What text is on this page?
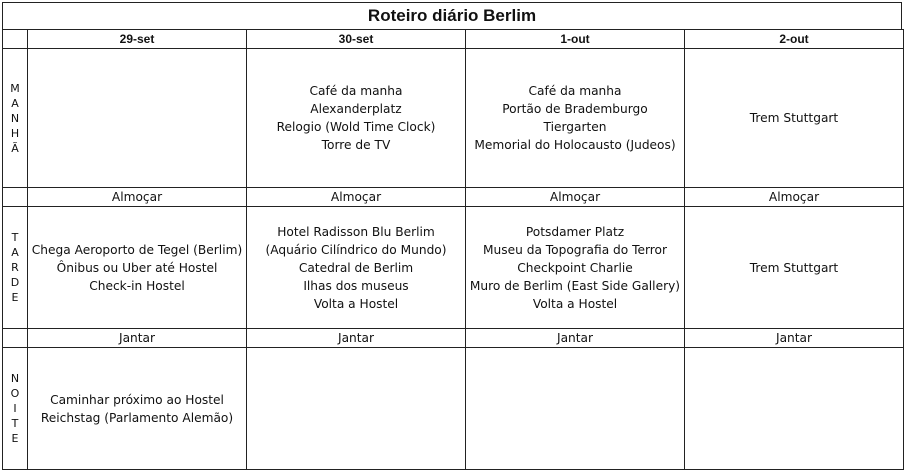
Roteiro diário Berlim
	29-set	30-set	1-out	2-out

M
A
N
H
Ã		Café da manha
Alexanderplatz
Relogio (Wold Time Clock)
Torre de TV	Café da manha
Portão de Brademburgo
Tiergarten
Memorial do Holocausto (Judeos)	Trem Stuttgart

	Almoçar	Almoçar	Almoçar	Almoçar

T
A
R
D
E	Chega Aeroporto de Tegel (Berlim)
Ônibus ou Uber até Hostel
Check-in Hostel	Hotel Radisson Blu Berlim
(Aquário Cilíndrico do Mundo)
Catedral de Berlim
Ilhas dos museus
Volta a Hostel	Potsdamer Platz
Museu da Topografia do Terror
Checkpoint Charlie
Muro de Berlim (East Side Gallery)
Volta a Hostel	Trem Stuttgart

	Jantar	Jantar	Jantar	Jantar

N
O
I
T
E	Caminhar próximo ao Hostel
Reichstag (Parlamento Alemão)			
